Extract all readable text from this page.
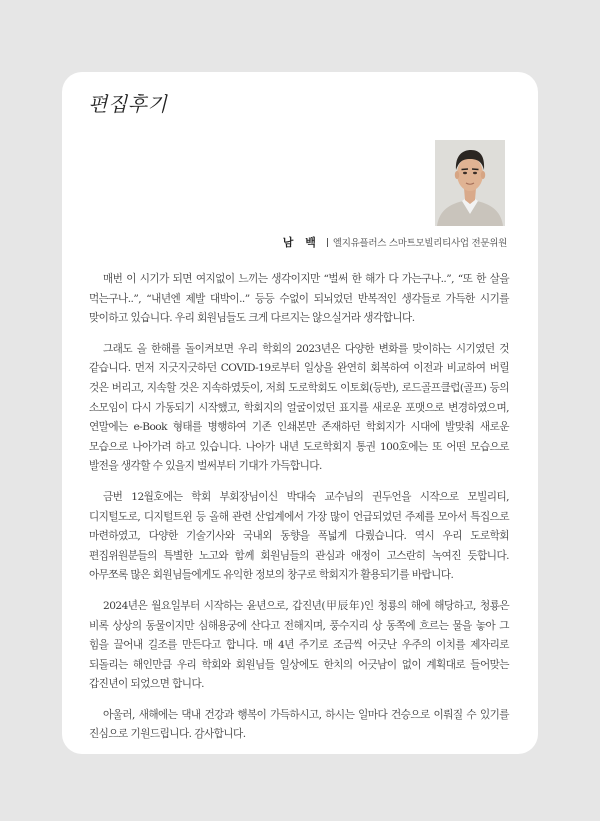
편집후기
남 백 엘지유플러스 스마트모빌리티사업 전문위원

매번 이 시기가 되면 여지없이 느끼는 생각이지만 “벌써 한 해가 다 가는구나..”, “또 한 살을 먹는구나..”, “내년엔 제발 대박이..” 등등 수없이 되뇌었던 반복적인 생각들로 가득한 시기를 맞이하고 있습니다. 우리 회원님들도 크게 다르지는 않으실거라 생각합니다.

그래도 올 한해를 돌이켜보면 우리 학회의 2023년은 다양한 변화를 맞이하는 시기였던 것 같습니다. 먼저 지긋지긋하던 COVID-19로부터 일상을 완연히 회복하여 이전과 비교하여 버릴 것은 버리고, 지속할 것은 지속하였듯이, 저희 도로학회도 이토회(등반), 로드골프클럽(골프) 등의 소모임이 다시 가동되기 시작했고, 학회지의 얼굴이었던 표지를 새로운 포맷으로 변경하였으며, 연말에는 e-Book 형태를 병행하여 기존 인쇄본만 존재하던 학회지가 시대에 발맞춰 새로운 모습으로 나아가려 하고 있습니다. 나아가 내년 도로학회지 통권 100호에는 또 어떤 모습으로 발전을 생각할 수 있을지 벌써부터 기대가 가득합니다.

금번 12월호에는 학회 부회장님이신 박대숙 교수님의 권두언을 시작으로 모빌리티, 디지털도로, 디지털트윈 등 올해 관련 산업계에서 가장 많이 언급되었던 주제를 모아서 특집으로 마련하였고, 다양한 기술기사와 국내외 동향을 폭넓게 다뤘습니다. 역시 우리 도로학회 편집위원분들의 특별한 노고와 함께 회원님들의 관심과 애정이 고스란히 녹여진 듯합니다. 아무쪼록 많은 회원님들에게도 유익한 정보의 창구로 학회지가 활용되기를 바랍니다.

2024년은 월요일부터 시작하는 윤년으로, 갑진년(甲辰年)인 청룡의 해에 해당하고, 청룡은 비록 상상의 동물이지만 심해용궁에 산다고 전해지며, 풍수지리 상 동쪽에 흐르는 물을 놓아 그 힘을 끌어내 길조를 만든다고 합니다. 매 4년 주기로 조금씩 어긋난 우주의 이치를 제자리로 되돌리는 해인만큼 우리 학회와 회원님들 일상에도 한치의 어긋남이 없이 계획대로 들어맞는 갑진년이 되었으면 합니다.

아울러, 새해에는 댁내 건강과 행복이 가득하시고, 하시는 일마다 건승으로 이뤄질 수 있기를 진심으로 기원드립니다. 감사합니다.
